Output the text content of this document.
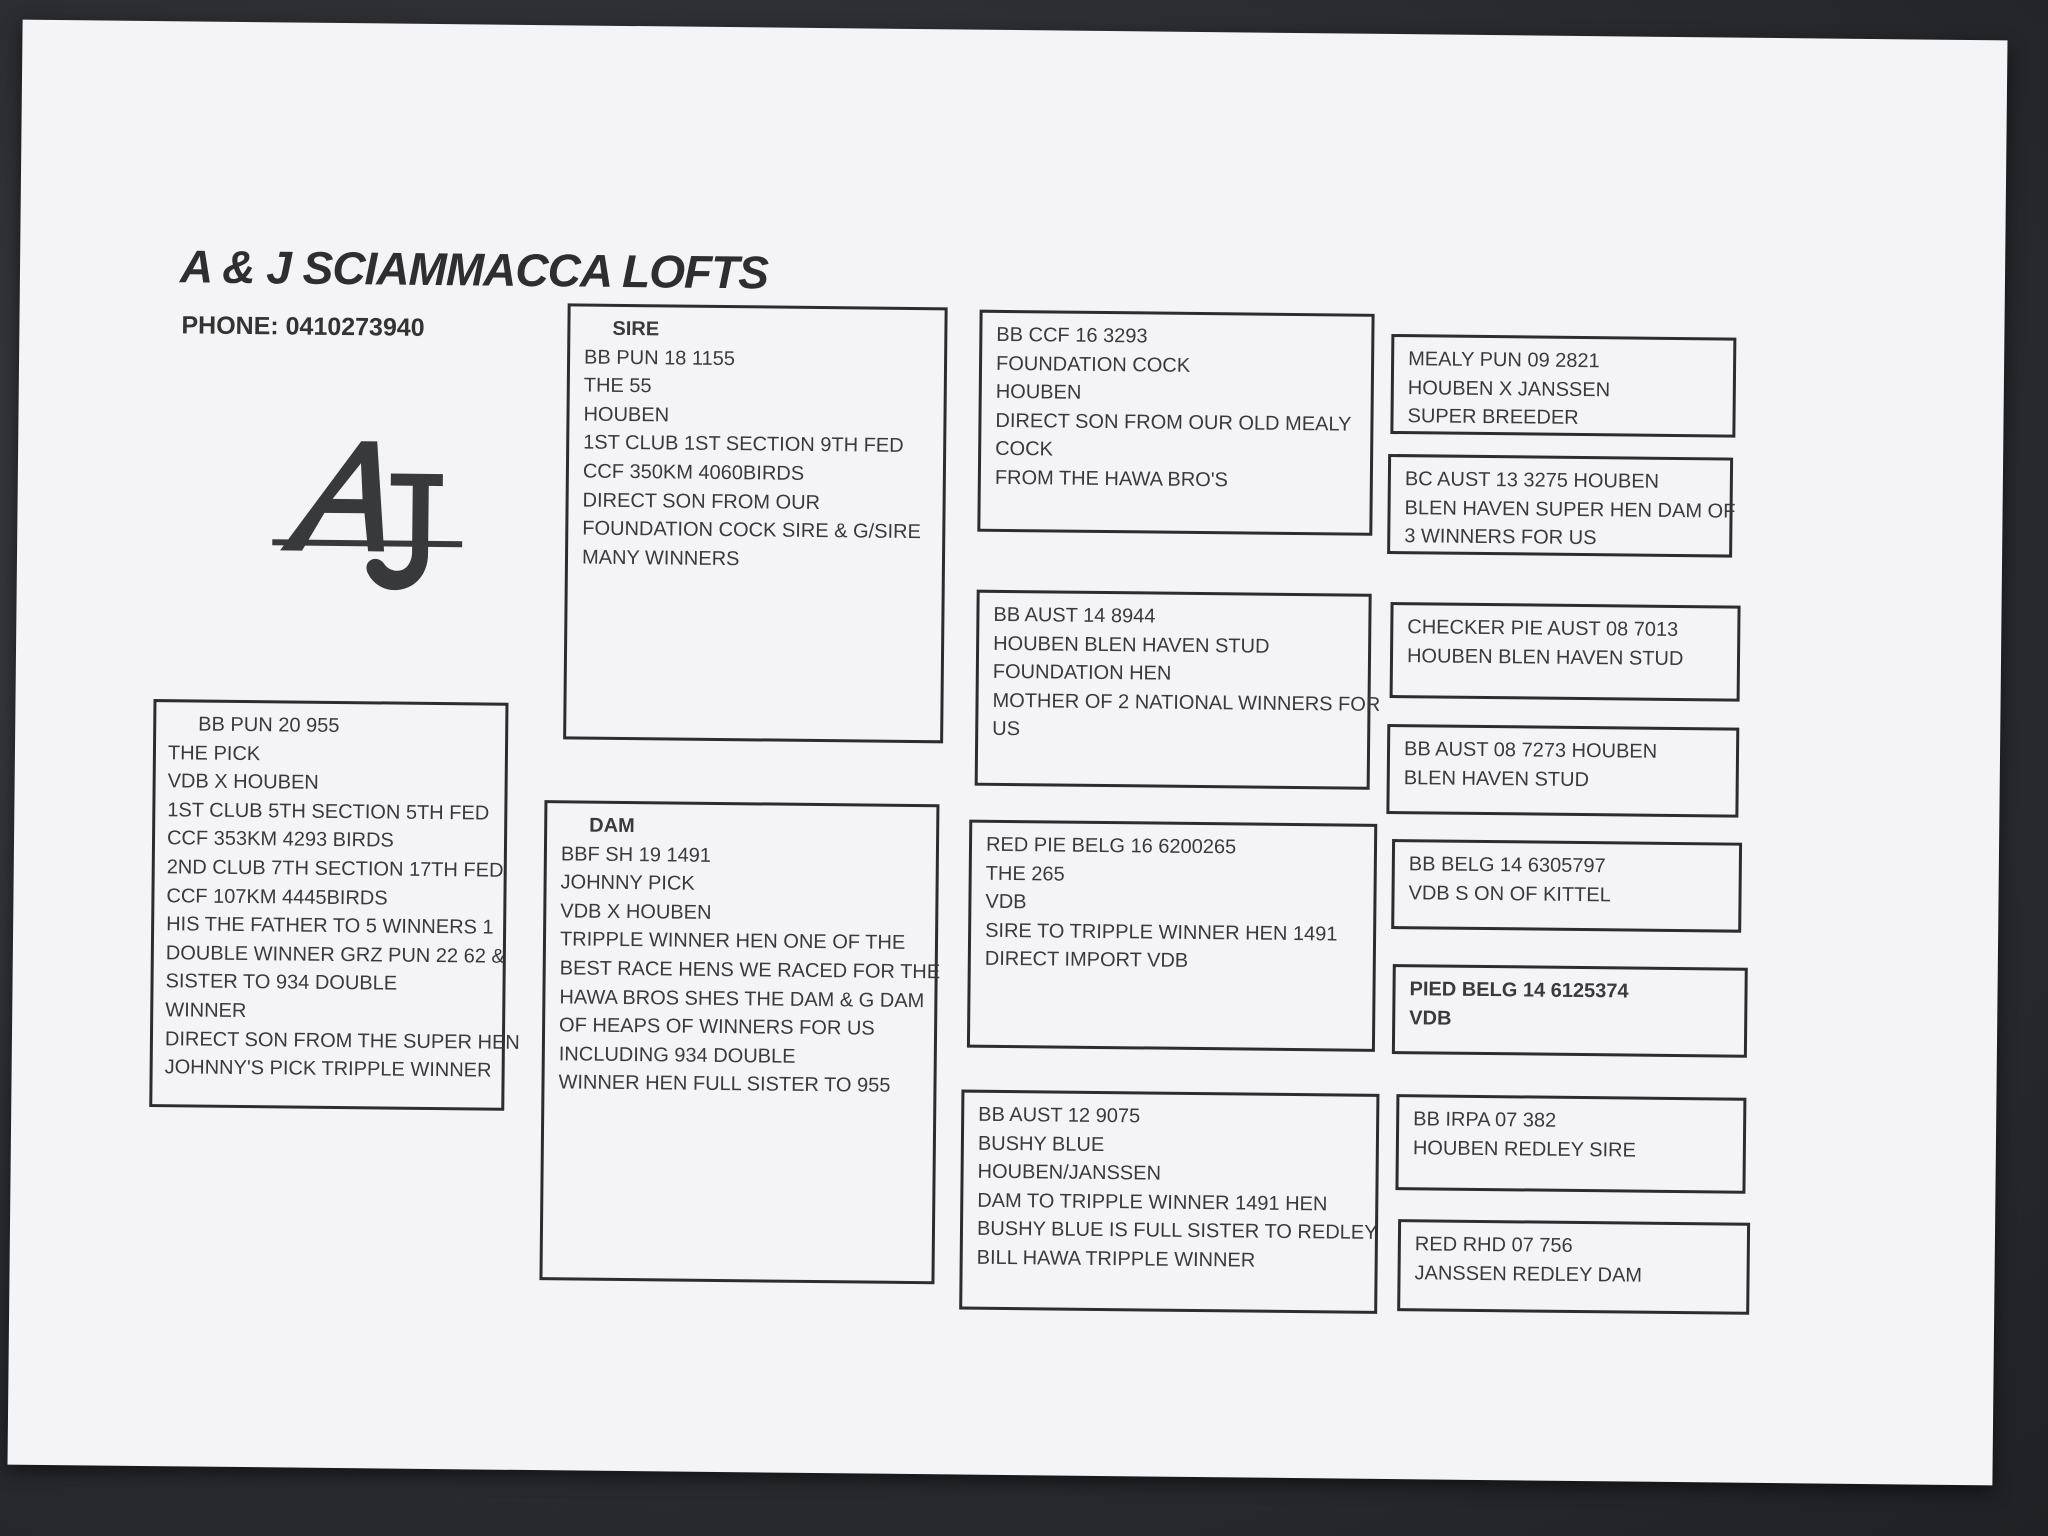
A & J SCIAMMACCA LOFTS
PHONE: 0410273940
BB PUN 20 955
THE PICK
VDB X HOUBEN
1ST CLUB 5TH SECTION 5TH FED
CCF 353KM 4293 BIRDS
2ND CLUB 7TH SECTION 17TH FED
CCF 107KM 4445BIRDS
HIS THE FATHER TO 5 WINNERS 1
DOUBLE WINNER GRZ PUN 22 62 &
SISTER TO 934 DOUBLE
WINNER
DIRECT SON FROM THE SUPER HEN
JOHNNY'S PICK TRIPPLE WINNER
SIRE
BB PUN 18 1155
THE 55
HOUBEN
1ST CLUB 1ST SECTION 9TH FED
CCF 350KM 4060BIRDS
DIRECT SON FROM OUR
FOUNDATION COCK SIRE & G/SIRE
MANY WINNERS
DAM
BBF SH 19 1491
JOHNNY PICK
VDB X HOUBEN
TRIPPLE WINNER HEN ONE OF THE
BEST RACE HENS WE RACED FOR THE
HAWA BROS SHES THE DAM & G DAM
OF HEAPS OF WINNERS FOR US
INCLUDING 934 DOUBLE
WINNER HEN FULL SISTER TO 955
BB CCF 16 3293
FOUNDATION COCK
HOUBEN
DIRECT SON FROM OUR OLD MEALY
COCK
FROM THE HAWA BRO'S
BB AUST 14 8944
HOUBEN BLEN HAVEN STUD
FOUNDATION HEN
MOTHER OF 2 NATIONAL WINNERS FOR
US
RED PIE BELG 16 6200265
THE 265
VDB
SIRE TO TRIPPLE WINNER HEN 1491
DIRECT IMPORT VDB
BB AUST 12 9075
BUSHY BLUE
HOUBEN/JANSSEN
DAM TO TRIPPLE WINNER 1491 HEN
BUSHY BLUE IS FULL SISTER TO REDLEY
BILL HAWA TRIPPLE WINNER
MEALY PUN 09 2821
HOUBEN X JANSSEN
SUPER BREEDER
BC AUST 13 3275 HOUBEN
BLEN HAVEN SUPER HEN DAM OF
3 WINNERS FOR US
CHECKER PIE AUST 08 7013
HOUBEN BLEN HAVEN STUD
BB AUST 08 7273 HOUBEN
BLEN HAVEN STUD
BB BELG 14 6305797
VDB S ON OF KITTEL
PIED BELG 14 6125374
VDB
BB IRPA 07 382
HOUBEN REDLEY SIRE
RED RHD 07 756
JANSSEN REDLEY DAM
